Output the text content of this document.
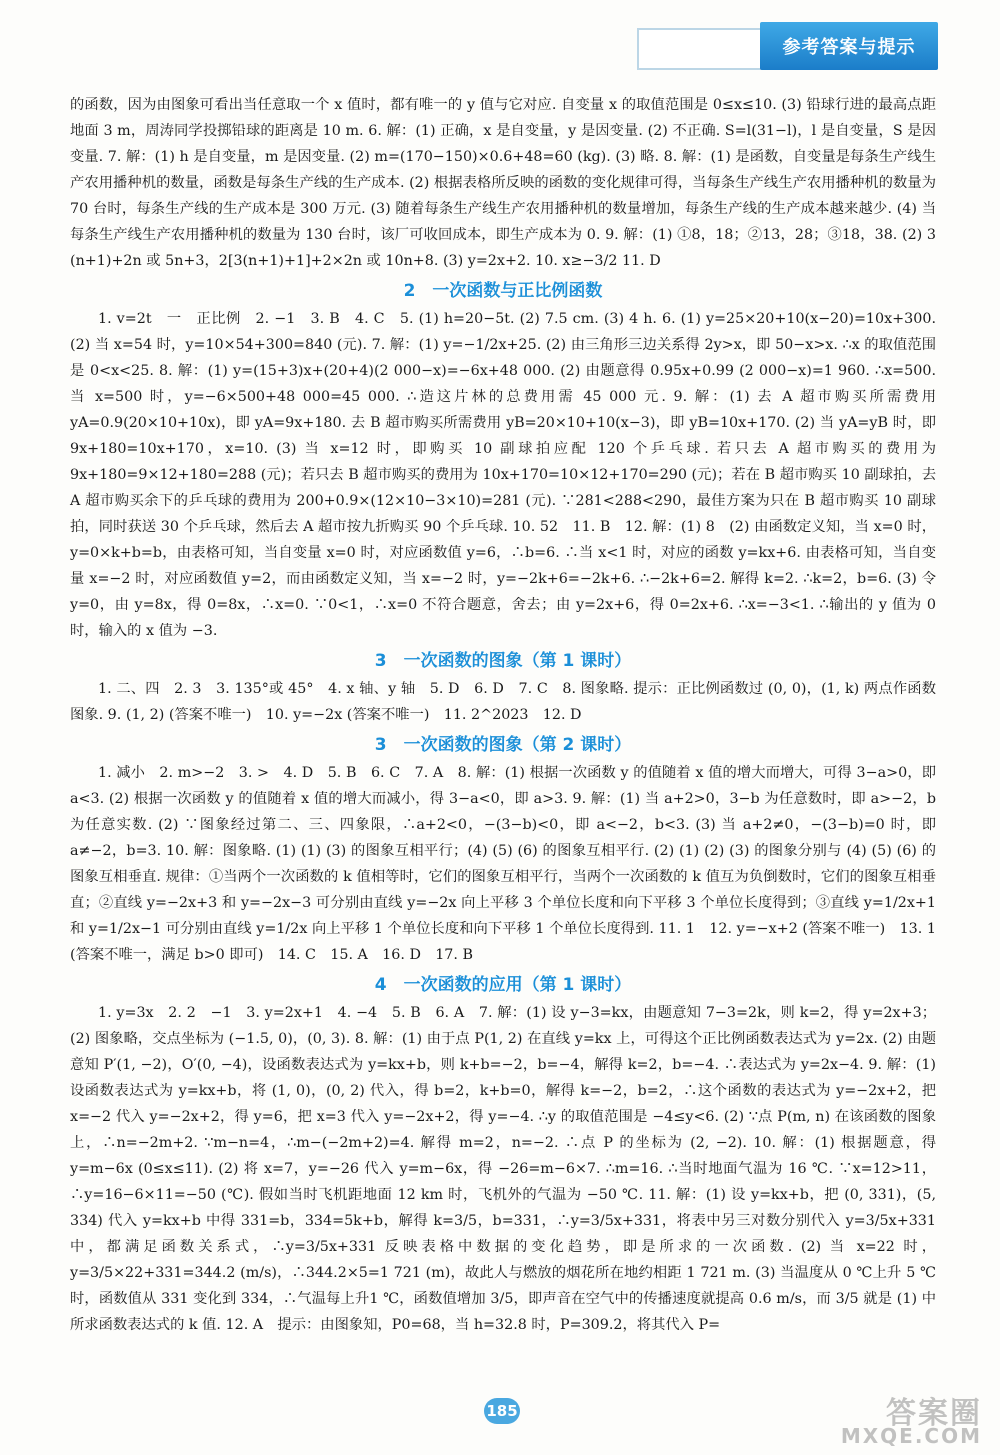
参考答案与提示

的函数，因为由图象可看出当任意取一个 x 值时，都有唯一的 y 值与它对应. 自变量 x 的取值范围是 0≤x≤10. (3) 铅球行进的最高点距地面 3 m，周涛同学投掷铅球的距离是 10 m. 6. 解：(1) 正确，x 是自变量，y 是因变量. (2) 不正确. S=l(31−l)，l 是自变量，S 是因变量. 7. 解：(1) h 是自变量，m 是因变量. (2) m=(170−150)×0.6+48=60 (kg). (3) 略. 8. 解：(1) 是函数，自变量是每条生产线生产农用播种机的数量，函数是每条生产线的生产成本. (2) 根据表格所反映的函数的变化规律可得，当每条生产线生产农用播种机的数量为 70 台时，每条生产线的生产成本是 300 万元. (3) 随着每条生产线生产农用播种机的数量增加，每条生产线的生产成本越来越少. (4) 当每条生产线生产农用播种机的数量为 130 台时，该厂可收回成本，即生产成本为 0. 9. 解：(1) ①8，18；②13，28；③18，38. (2) 3 (n+1)+2n 或 5n+3，2[3(n+1)+1]+2×2n 或 10n+8. (3) y=2x+2. 10. x≥−3/2 11. D

2　一次函数与正比例函数

1. v=2t　一　正比例　2. −1　3. B　4. C　5. (1) h=20−5t. (2) 7.5 cm. (3) 4 h. 6. (1) y=25×20+10(x−20)=10x+300. (2) 当 x=54 时，y=10×54+300=840 (元). 7. 解：(1) y=−1/2x+25. (2) 由三角形三边关系得 2y>x，即 50−x>x. ∴x 的取值范围是 0<x<25. 8. 解：(1) y=(15+3)x+(20+4)(2 000−x)=−6x+48 000. (2) 由题意得 0.95x+0.99 (2 000−x)=1 960. ∴x=500. 当 x=500 时，y=−6×500+48 000=45 000. ∴造这片林的总费用需 45 000 元. 9. 解：(1) 去 A 超市购买所需费用 yA=0.9(20×10+10x)，即 yA=9x+180. 去 B 超市购买所需费用 yB=20×10+10(x−3)，即 yB=10x+170. (2) 当 yA=yB 时，即 9x+180=10x+170，x=10. (3) 当 x=12 时，即购买 10 副球拍应配 120 个乒乓球. 若只去 A 超市购买的费用为 9x+180=9×12+180=288 (元)；若只去 B 超市购买的费用为 10x+170=10×12+170=290 (元)；若在 B 超市购买 10 副球拍，去 A 超市购买余下的乒乓球的费用为 200+0.9×(12×10−3×10)=281 (元). ∵281<288<290，最佳方案为只在 B 超市购买 10 副球拍，同时获送 30 个乒乓球，然后去 A 超市按九折购买 90 个乒乓球. 10. 52　11. B　12. 解：(1) 8　(2) 由函数定义知，当 x=0 时，y=0×k+b=b，由表格可知，当自变量 x=0 时，对应函数值 y=6，∴b=6. ∴当 x<1 时，对应的函数 y=kx+6. 由表格可知，当自变量 x=−2 时，对应函数值 y=2，而由函数定义知，当 x=−2 时，y=−2k+6=−2k+6. ∴−2k+6=2. 解得 k=2. ∴k=2，b=6. (3) 令 y=0，由 y=8x，得 0=8x，∴x=0. ∵0<1，∴x=0 不符合题意，舍去；由 y=2x+6，得 0=2x+6. ∴x=−3<1. ∴输出的 y 值为 0 时，输入的 x 值为 −3.

3　一次函数的图象（第 1 课时）

1. 二、四　2. 3　3. 135°或 45°　4. x 轴、y 轴　5. D　6. D　7. C　8. 图象略. 提示：正比例函数过 (0, 0)，(1, k) 两点作函数图象. 9. (1, 2) (答案不唯一)　10. y=−2x (答案不唯一)　11. 2^2023　12. D

3　一次函数的图象（第 2 课时）

1. 减小　2. m>−2　3. >　4. D　5. B　6. C　7. A　8. 解：(1) 根据一次函数 y 的值随着 x 值的增大而增大，可得 3−a>0，即 a<3. (2) 根据一次函数 y 的值随着 x 值的增大而减小，得 3−a<0，即 a>3. 9. 解：(1) 当 a+2>0，3−b 为任意数时，即 a>−2，b 为任意实数. (2) ∵图象经过第二、三、四象限，∴a+2<0，−(3−b)<0，即 a<−2，b<3. (3) 当 a+2≠0，−(3−b)=0 时，即 a≠−2，b=3. 10. 解：图象略. (1) (1) (3) 的图象互相平行；(4) (5) (6) 的图象互相平行. (2) (1) (2) (3) 的图象分别与 (4) (5) (6) 的图象互相垂直. 规律：①当两个一次函数的 k 值相等时，它们的图象互相平行，当两个一次函数的 k 值互为负倒数时，它们的图象互相垂直；②直线 y=−2x+3 和 y=−2x−3 可分别由直线 y=−2x 向上平移 3 个单位长度和向下平移 3 个单位长度得到；③直线 y=1/2x+1 和 y=1/2x−1 可分别由直线 y=1/2x 向上平移 1 个单位长度和向下平移 1 个单位长度得到. 11. 1　12. y=−x+2 (答案不唯一)　13. 1 (答案不唯一，满足 b>0 即可)　14. C　15. A　16. D　17. B

4　一次函数的应用（第 1 课时）

1. y=3x　2. 2　−1　3. y=2x+1　4. −4　5. B　6. A　7. 解：(1) 设 y−3=kx，由题意知 7−3=2k，则 k=2，得 y=2x+3；(2) 图象略，交点坐标为 (−1.5, 0)，(0, 3). 8. 解：(1) 由于点 P(1, 2) 在直线 y=kx 上，可得这个正比例函数表达式为 y=2x. (2) 由题意知 P′(1, −2)，O′(0, −4)，设函数表达式为 y=kx+b，则 k+b=−2，b=−4，解得 k=2，b=−4. ∴表达式为 y=2x−4. 9. 解：(1) 设函数表达式为 y=kx+b，将 (1, 0)，(0, 2) 代入，得 b=2，k+b=0，解得 k=−2，b=2，∴这个函数的表达式为 y=−2x+2，把 x=−2 代入 y=−2x+2，得 y=6，把 x=3 代入 y=−2x+2，得 y=−4. ∴y 的取值范围是 −4≤y<6. (2) ∵点 P(m, n) 在该函数的图象上，∴n=−2m+2. ∵m−n=4，∴m−(−2m+2)=4. 解得 m=2，n=−2. ∴点 P 的坐标为 (2, −2). 10. 解：(1) 根据题意，得 y=m−6x (0≤x≤11). (2) 将 x=7，y=−26 代入 y=m−6x，得 −26=m−6×7. ∴m=16. ∴当时地面气温为 16 ℃. ∵x=12>11，∴y=16−6×11=−50 (℃). 假如当时飞机距地面 12 km 时，飞机外的气温为 −50 ℃. 11. 解：(1) 设 y=kx+b，把 (0, 331)，(5, 334) 代入 y=kx+b 中得 331=b，334=5k+b，解得 k=3/5，b=331，∴y=3/5x+331，将表中另三对数分别代入 y=3/5x+331 中，都满足函数关系式，∴y=3/5x+331 反映表格中数据的变化趋势，即是所求的一次函数. (2) 当 x=22 时，y=3/5×22+331=344.2 (m/s)，∴344.2×5=1 721 (m)，故此人与燃放的烟花所在地约相距 1 721 m. (3) 当温度从 0 ℃上升 5 ℃时，函数值从 331 变化到 334，∴气温每上升1 ℃，函数值增加 3/5，即声音在空气中的传播速度就提高 0.6 m/s，而 3/5 就是 (1) 中所求函数表达式的 k 值. 12. A　提示：由图象知，P0=68，当 h=32.8 时，P=309.2，将其代入 P=

185	答案圈
MXQE.COM
